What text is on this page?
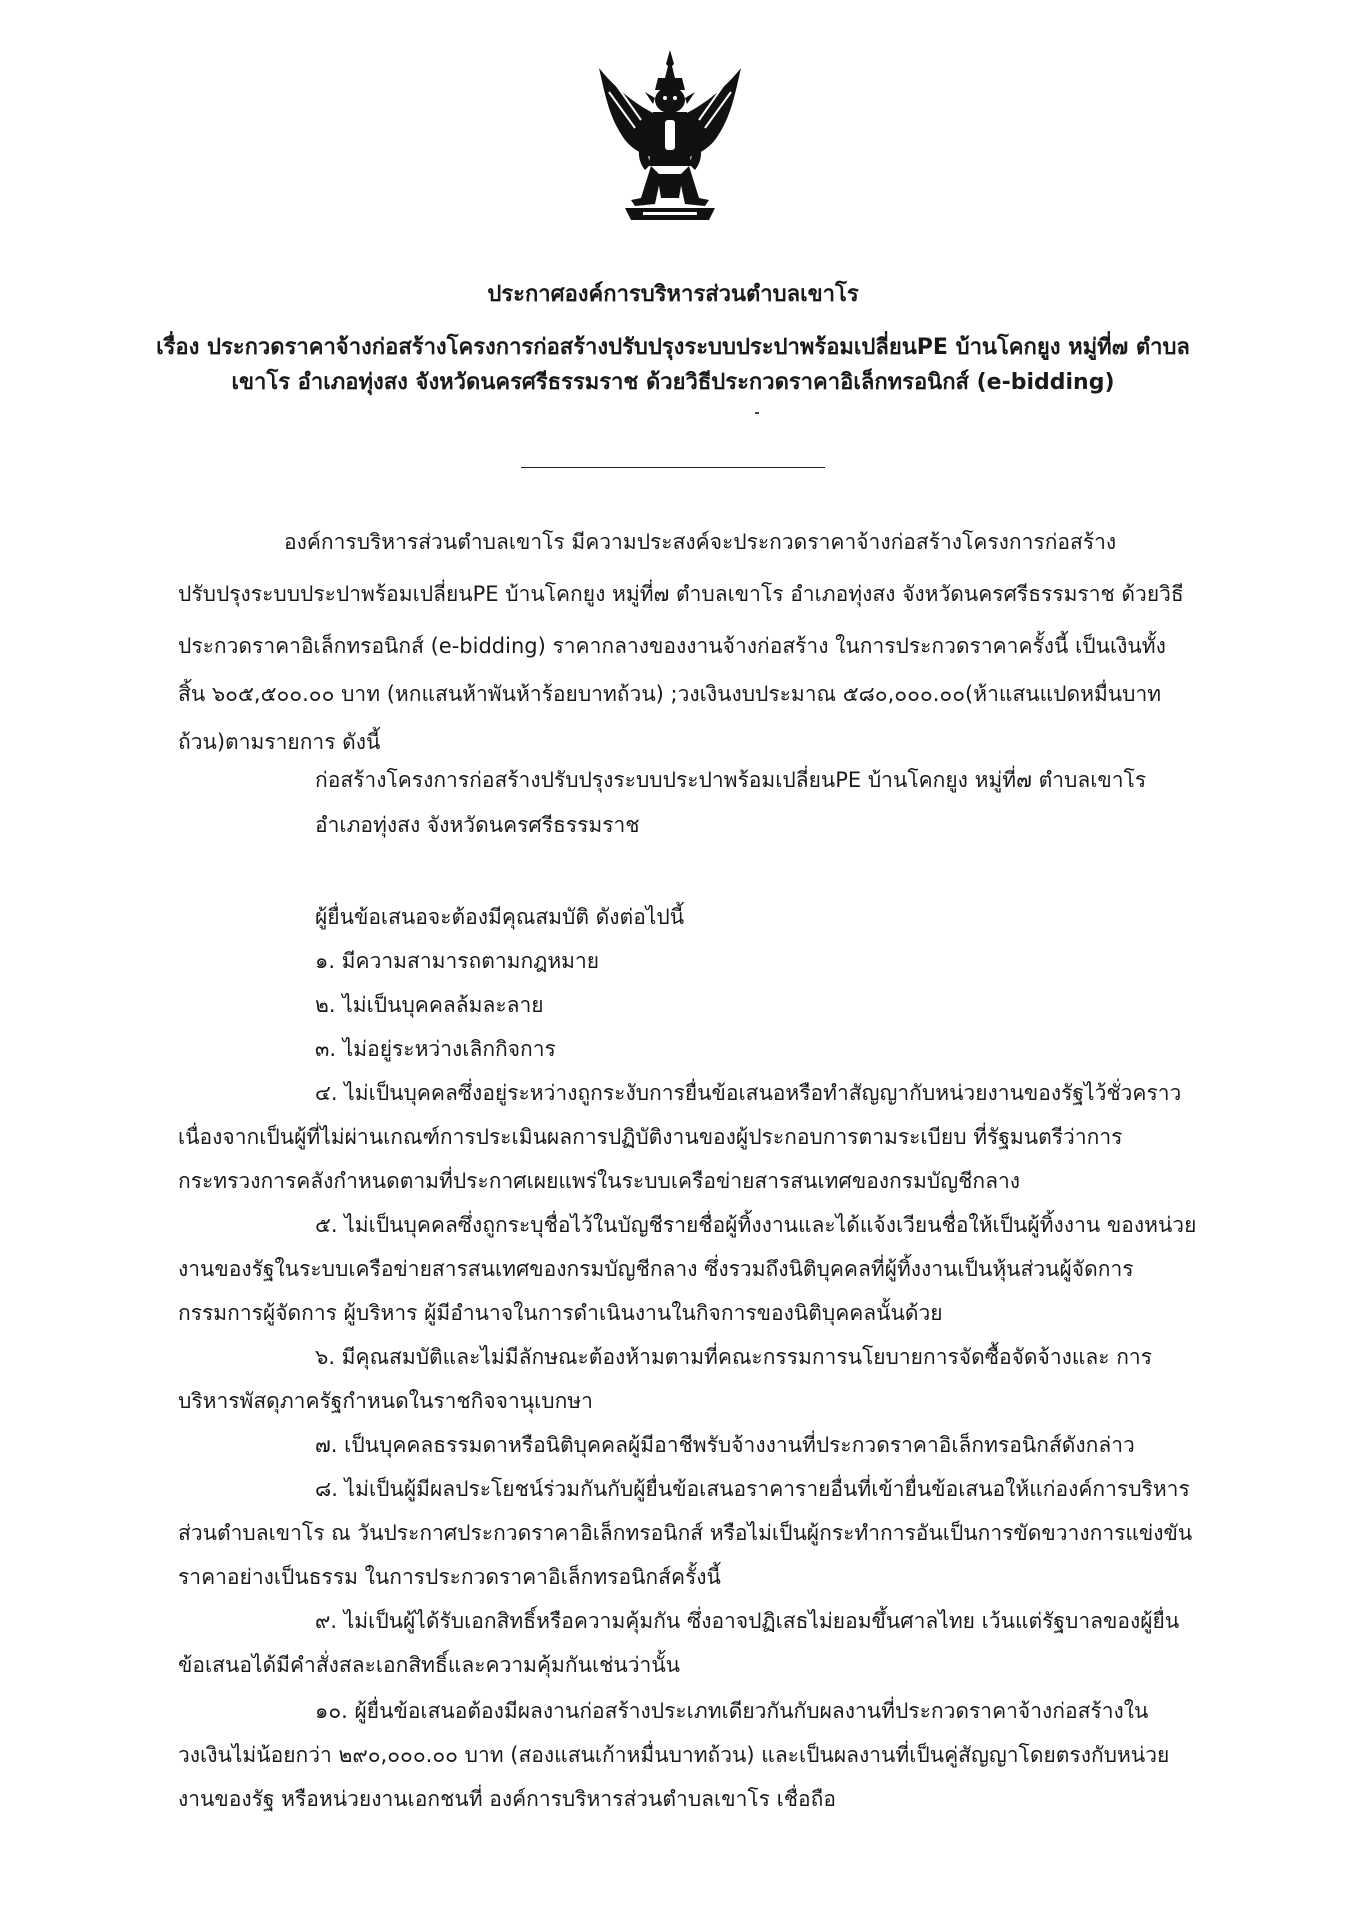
ประกาศองค์การบริหารส่วนตำบลเขาโร
เรื่อง ประกวดราคาจ้างก่อสร้างโครงการก่อสร้างปรับปรุงระบบประปาพร้อมเปลี่ยนPE บ้านโคกยูง หมู่ที่๗ ตำบล
เขาโร อำเภอทุ่งสง จังหวัดนครศรีธรรมราช ด้วยวิธีประกวดราคาอิเล็กทรอนิกส์ (e-bidding)
องค์การบริหารส่วนตำบลเขาโร มีความประสงค์จะประกวดราคาจ้างก่อสร้างโครงการก่อสร้าง
ปรับปรุงระบบประปาพร้อมเปลี่ยนPE บ้านโคกยูง หมู่ที่๗ ตำบลเขาโร อำเภอทุ่งสง จังหวัดนครศรีธรรมราช ด้วยวิธี
ประกวดราคาอิเล็กทรอนิกส์ (e-bidding) ราคากลางของงานจ้างก่อสร้าง ในการประกวดราคาครั้งนี้ เป็นเงินทั้ง
สิ้น ๖๐๕,๕๐๐.๐๐ บาท (หกแสนห้าพันห้าร้อยบาทถ้วน) ;วงเงินงบประมาณ ๕๘๐,๐๐๐.๐๐(ห้าแสนแปดหมื่นบาท
ถ้วน)ตามรายการ ดังนี้
ก่อสร้างโครงการก่อสร้างปรับปรุงระบบประปาพร้อมเปลี่ยนPE บ้านโคกยูง หมู่ที่๗ ตำบลเขาโร
อำเภอทุ่งสง จังหวัดนครศรีธรรมราช
ผู้ยื่นข้อเสนอจะต้องมีคุณสมบัติ ดังต่อไปนี้
๑. มีความสามารถตามกฎหมาย
๒. ไม่เป็นบุคคลล้มละลาย
๓. ไม่อยู่ระหว่างเลิกกิจการ
๔. ไม่เป็นบุคคลซึ่งอยู่ระหว่างถูกระงับการยื่นข้อเสนอหรือทำสัญญากับหน่วยงานของรัฐไว้ชั่วคราว
เนื่องจากเป็นผู้ที่ไม่ผ่านเกณฑ์การประเมินผลการปฏิบัติงานของผู้ประกอบการตามระเบียบ ที่รัฐมนตรีว่าการ
กระทรวงการคลังกำหนดตามที่ประกาศเผยแพร่ในระบบเครือข่ายสารสนเทศของกรมบัญชีกลาง
๕. ไม่เป็นบุคคลซึ่งถูกระบุชื่อไว้ในบัญชีรายชื่อผู้ทิ้งงานและได้แจ้งเวียนชื่อให้เป็นผู้ทิ้งงาน ของหน่วย
งานของรัฐในระบบเครือข่ายสารสนเทศของกรมบัญชีกลาง ซึ่งรวมถึงนิติบุคคลที่ผู้ทิ้งงานเป็นหุ้นส่วนผู้จัดการ
กรรมการผู้จัดการ ผู้บริหาร ผู้มีอำนาจในการดำเนินงานในกิจการของนิติบุคคลนั้นด้วย
๖. มีคุณสมบัติและไม่มีลักษณะต้องห้ามตามที่คณะกรรมการนโยบายการจัดซื้อจัดจ้างและ การ
บริหารพัสดุภาครัฐกำหนดในราชกิจจานุเบกษา
๗. เป็นบุคคลธรรมดาหรือนิติบุคคลผู้มีอาชีพรับจ้างงานที่ประกวดราคาอิเล็กทรอนิกส์ดังกล่าว
๘. ไม่เป็นผู้มีผลประโยชน์ร่วมกันกับผู้ยื่นข้อเสนอราคารายอื่นที่เข้ายื่นข้อเสนอให้แก่องค์การบริหาร
ส่วนตำบลเขาโร ณ วันประกาศประกวดราคาอิเล็กทรอนิกส์ หรือไม่เป็นผู้กระทำการอันเป็นการขัดขวางการแข่งขัน
ราคาอย่างเป็นธรรม ในการประกวดราคาอิเล็กทรอนิกส์ครั้งนี้
๙. ไม่เป็นผู้ได้รับเอกสิทธิ์หรือความคุ้มกัน ซึ่งอาจปฏิเสธไม่ยอมขึ้นศาลไทย เว้นแต่รัฐบาลของผู้ยื่น
ข้อเสนอได้มีคำสั่งสละเอกสิทธิ์และความคุ้มกันเช่นว่านั้น
๑๐. ผู้ยื่นข้อเสนอต้องมีผลงานก่อสร้างประเภทเดียวกันกับผลงานที่ประกวดราคาจ้างก่อสร้างใน
วงเงินไม่น้อยกว่า ๒๙๐,๐๐๐.๐๐ บาท (สองแสนเก้าหมื่นบาทถ้วน) และเป็นผลงานที่เป็นคู่สัญญาโดยตรงกับหน่วย
งานของรัฐ หรือหน่วยงานเอกชนที่ องค์การบริหารส่วนตำบลเขาโร เชื่อถือ
